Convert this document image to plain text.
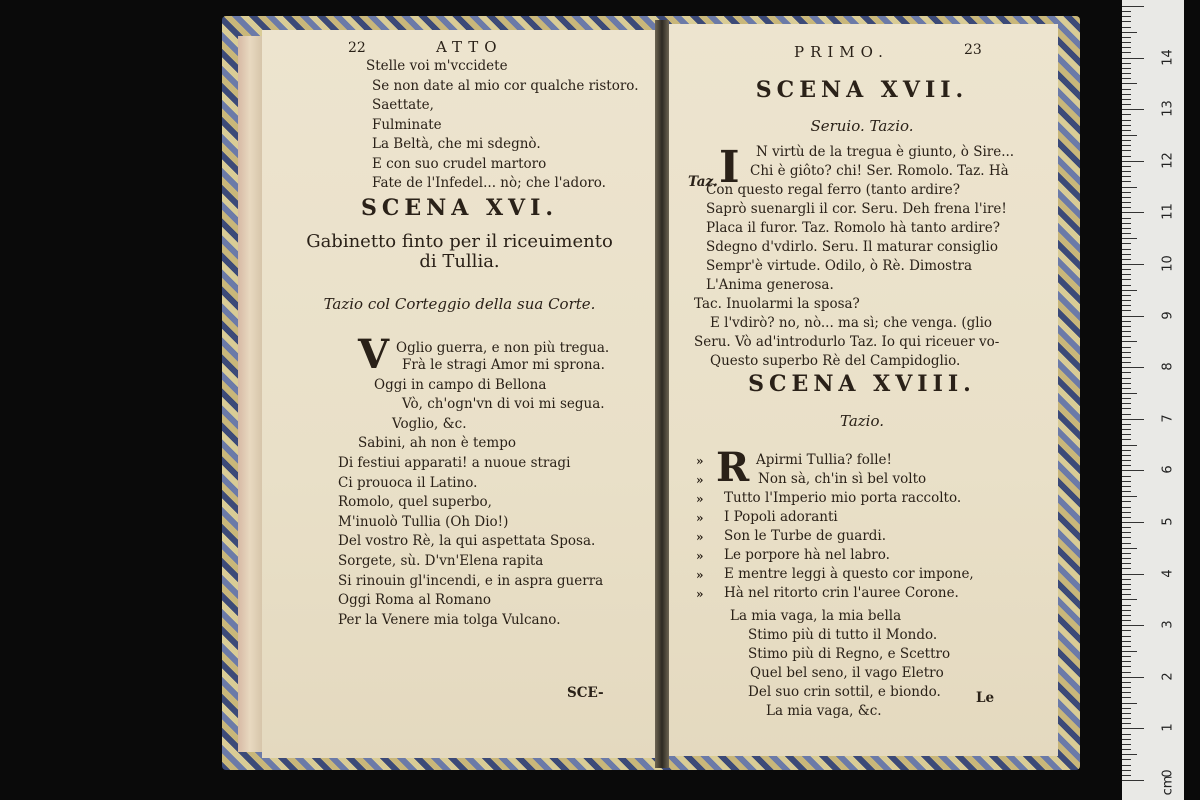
22	ATTO
Stelle voi m'vccidete
Se non date al mio cor qualche ristoro.
Saettate,
Fulminate
La Beltà, che mi sdegnò.
E con suo crudel martoro
Fate de l'Infedel... nò; che l'adoro.
SCENA XVI.
Gabinetto finto per il riceuimento
di Tullia.
Tazio col Corteggio della sua Corte.
V Oglio guerra, e non più tregua.
Frà le stragi Amor mi sprona.
Oggi in campo di Bellona
Vò, ch'ogn'vn di voi mi segua.
Voglio, &c.
Sabini, ah non è tempo
Di festiui apparati! a nuoue stragi
Ci prouoca il Latino.
Romolo, quel superbo,
M'inuolò Tullia (Oh Dio!)
Del vostro Rè, la qui aspettata Sposa.
Sorgete, sù. D'vn'Elena rapita
Si rinouin gl'incendi, e in aspra guerra
Oggi Roma al Romano
Per la Venere mia tolga Vulcano.
SCE-
PRIMO.	23
SCENA XVII.
Seruio. Tazio.
I
Taz.
N virtù de la tregua è giunto, ò Sire...
Chi è giôto? chi! Ser. Romolo. Taz. Hà
Con questo regal ferro (tanto ardire?
Saprò suenargli il cor. Seru. Deh frena l'ire!
Placa il furor. Taz. Romolo hà tanto ardire?
Sdegno d'vdirlo. Seru. Il maturar consiglio
Sempr'è virtude. Odilo, ò Rè. Dimostra
L'Anima generosa.
Tac. Inuolarmi la sposa?
E l'vdirò? no, nò... ma sì; che venga. (glio
Seru. Vò ad'introdurlo Taz. Io qui riceuer vo-
Questo superbo Rè del Campidoglio.
SCENA XVIII.
Tazio.
R
»	Apirmi Tullia? folle!
»	Non sà, ch'in sì bel volto
» Tutto l'Imperio mio porta raccolto.
» I Popoli adoranti
» Son le Turbe de guardi.
» Le porpore hà nel labro.
» E mentre leggi à questo cor impone,
» Hà nel ritorto crin l'auree Corone.
La mia vaga, la mia bella
Stimo più di tutto il Mondo.
Stimo più di Regno, e Scettro
Quel bel seno, il vago Eletro
Del suo crin sottil, e biondo.
La mia vaga, &c.
Le
0
1
2
3
4
5
6
7
8
9
10
11
12
13
14
cm
